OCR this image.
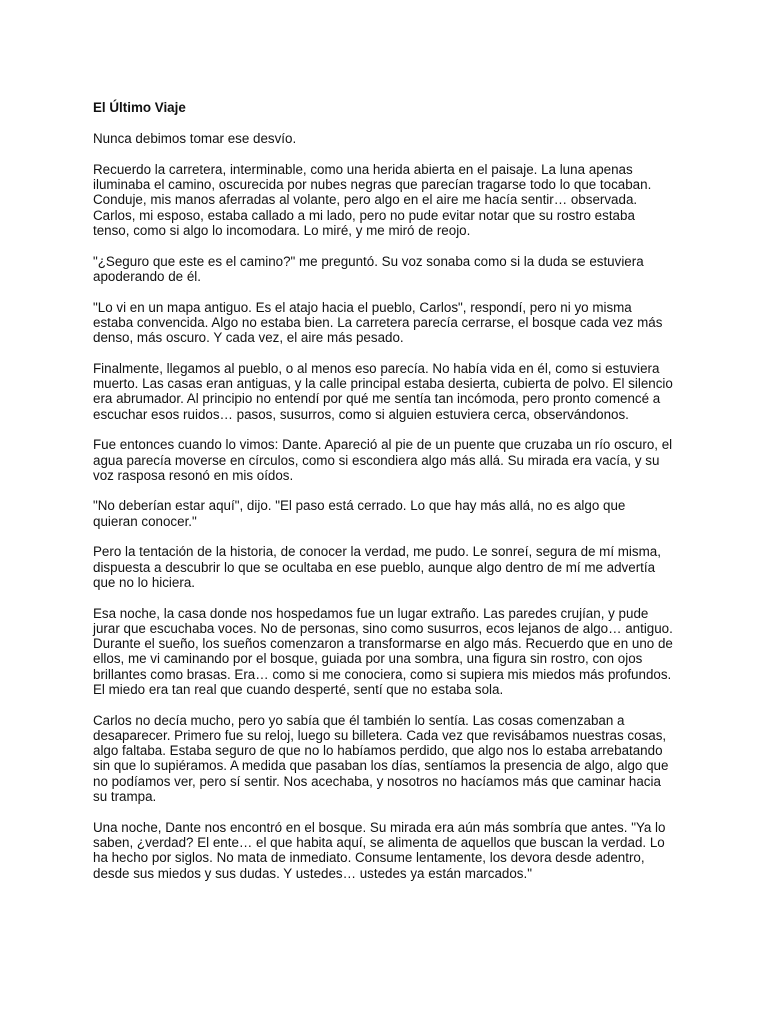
El Último Viaje

Nunca debimos tomar ese desvío.

Recuerdo la carretera, interminable, como una herida abierta en el paisaje. La luna apenas iluminaba el camino, oscurecida por nubes negras que parecían tragarse todo lo que tocaban. Conduje, mis manos aferradas al volante, pero algo en el aire me hacía sentir… observada. Carlos, mi esposo, estaba callado a mi lado, pero no pude evitar notar que su rostro estaba tenso, como si algo lo incomodara. Lo miré, y me miró de reojo.

"¿Seguro que este es el camino?" me preguntó. Su voz sonaba como si la duda se estuviera apoderando de él.

"Lo vi en un mapa antiguo. Es el atajo hacia el pueblo, Carlos", respondí, pero ni yo misma estaba convencida. Algo no estaba bien. La carretera parecía cerrarse, el bosque cada vez más denso, más oscuro. Y cada vez, el aire más pesado.

Finalmente, llegamos al pueblo, o al menos eso parecía. No había vida en él, como si estuviera muerto. Las casas eran antiguas, y la calle principal estaba desierta, cubierta de polvo. El silencio era abrumador. Al principio no entendí por qué me sentía tan incómoda, pero pronto comencé a escuchar esos ruidos… pasos, susurros, como si alguien estuviera cerca, observándonos.

Fue entonces cuando lo vimos: Dante. Apareció al pie de un puente que cruzaba un río oscuro, el agua parecía moverse en círculos, como si escondiera algo más allá. Su mirada era vacía, y su voz rasposa resonó en mis oídos.

"No deberían estar aquí", dijo. "El paso está cerrado. Lo que hay más allá, no es algo que quieran conocer."

Pero la tentación de la historia, de conocer la verdad, me pudo. Le sonreí, segura de mí misma, dispuesta a descubrir lo que se ocultaba en ese pueblo, aunque algo dentro de mí me advertía que no lo hiciera.

Esa noche, la casa donde nos hospedamos fue un lugar extraño. Las paredes crujían, y pude jurar que escuchaba voces. No de personas, sino como susurros, ecos lejanos de algo… antiguo. Durante el sueño, los sueños comenzaron a transformarse en algo más. Recuerdo que en uno de ellos, me vi caminando por el bosque, guiada por una sombra, una figura sin rostro, con ojos brillantes como brasas. Era… como si me conociera, como si supiera mis miedos más profundos. El miedo era tan real que cuando desperté, sentí que no estaba sola.

Carlos no decía mucho, pero yo sabía que él también lo sentía. Las cosas comenzaban a desaparecer. Primero fue su reloj, luego su billetera. Cada vez que revisábamos nuestras cosas, algo faltaba. Estaba seguro de que no lo habíamos perdido, que algo nos lo estaba arrebatando sin que lo supiéramos. A medida que pasaban los días, sentíamos la presencia de algo, algo que no podíamos ver, pero sí sentir. Nos acechaba, y nosotros no hacíamos más que caminar hacia su trampa.

Una noche, Dante nos encontró en el bosque. Su mirada era aún más sombría que antes. "Ya lo saben, ¿verdad? El ente… el que habita aquí, se alimenta de aquellos que buscan la verdad. Lo ha hecho por siglos. No mata de inmediato. Consume lentamente, los devora desde adentro, desde sus miedos y sus dudas. Y ustedes… ustedes ya están marcados."
